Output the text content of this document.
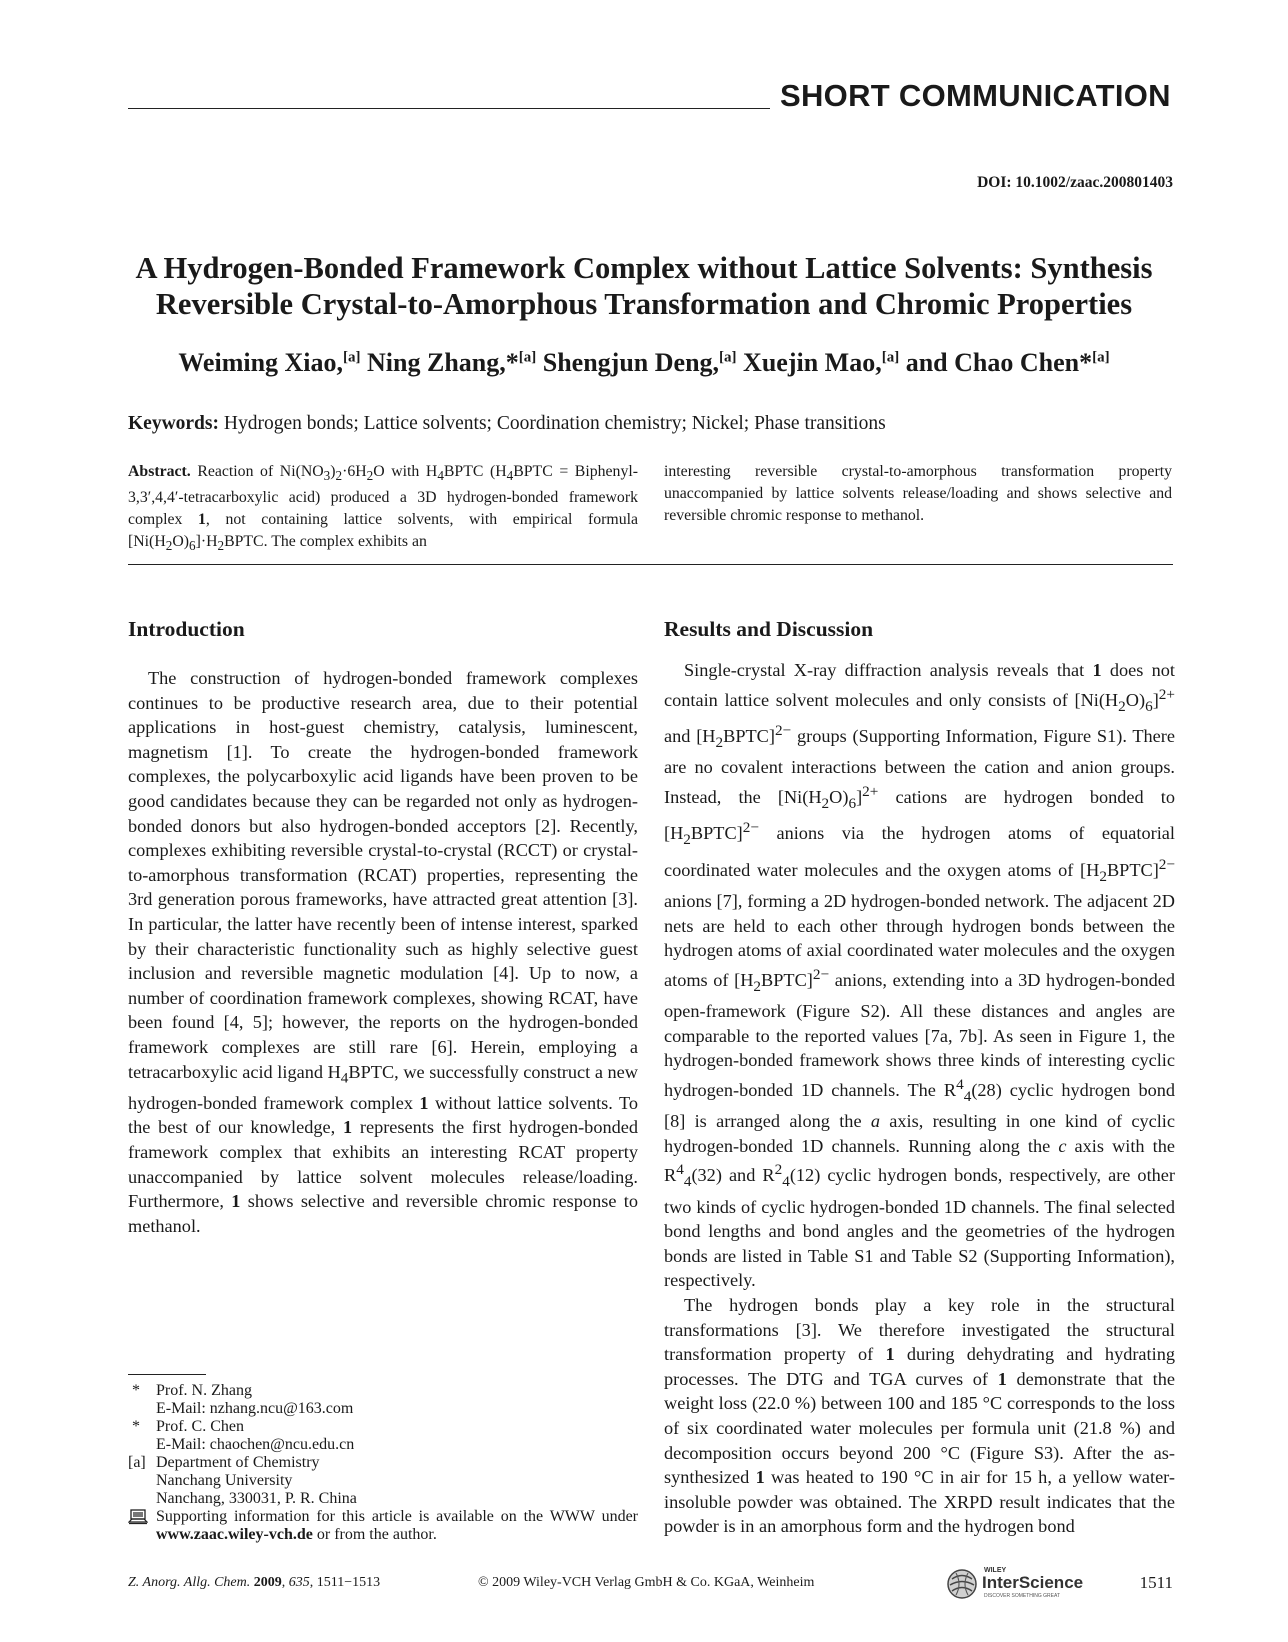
SHORT COMMUNICATION
DOI: 10.1002/zaac.200801403
A Hydrogen-Bonded Framework Complex without Lattice Solvents: Synthesis
Reversible Crystal-to-Amorphous Transformation and Chromic Properties
Weiming Xiao,[a] Ning Zhang,*[a] Shengjun Deng,[a] Xuejin Mao,[a] and Chao Chen*[a]
Keywords: Hydrogen bonds; Lattice solvents; Coordination chemistry; Nickel; Phase transitions
Abstract. Reaction of $Ni(NO_3)_2\cdot 6H_2O$ with $H_4BPTC$ ($H_4BPTC$ = Biphenyl-3,3′,4,4′-tetracarboxylic acid) produced a 3D hydrogen-bonded framework complex 1, not containing lattice solvents, with empirical formula $[Ni(H_2O)_6]\cdot H_2BPTC$. The complex exhibits an
interesting reversible crystal-to-amorphous transformation property unaccompanied by lattice solvents release/loading and shows selective and reversible chromic response to methanol.
Introduction

The construction of hydrogen-bonded framework complexes continues to be productive research area, due to their potential applications in host-guest chemistry, catalysis, luminescent, magnetism [1]. To create the hydrogen-bonded framework complexes, the polycarboxylic acid ligands have been proven to be good candidates because they can be regarded not only as hydrogen-bonded donors but also hydrogen-bonded acceptors [2]. Recently, complexes exhibiting reversible crystal-to-crystal (RCCT) or crystal-to-amorphous transformation (RCAT) properties, representing the 3rd generation porous frameworks, have attracted great attention [3]. In particular, the latter have recently been of intense interest, sparked by their characteristic functionality such as highly selective guest inclusion and reversible magnetic modulation [4]. Up to now, a number of coordination framework complexes, showing RCAT, have been found [4, 5]; however, the reports on the hydrogen-bonded framework complexes are still rare [6]. Herein, employing a tetracarboxylic acid ligand $H_4BPTC$, we successfully construct a new hydrogen-bonded framework complex 1 without lattice solvents. To the best of our knowledge, 1 represents the first hydrogen-bonded framework complex that exhibits an interesting RCAT property unaccompanied by lattice solvent molecules release/loading. Furthermore, 1 shows selective and reversible chromic response to methanol.

Results and Discussion

Single-crystal X-ray diffraction analysis reveals that 1 does not contain lattice solvent molecules and only consists of $[Ni(H_2O)_6]^{2+}$ and $[H_2BPTC]^{2-}$ groups (Supporting Information, Figure S1). There are no covalent interactions between the cation and anion groups. Instead, the $[Ni(H_2O)_6]^{2+}$ cations are hydrogen bonded to $[H_2BPTC]^{2-}$ anions via the hydrogen atoms of equatorial coordinated water molecules and the oxygen atoms of $[H_2BPTC]^{2-}$ anions [7], forming a 2D hydrogen-bonded network. The adjacent 2D nets are held to each other through hydrogen bonds between the hydrogen atoms of axial coordinated water molecules and the oxygen atoms of $[H_2BPTC]^{2-}$ anions, extending into a 3D hydrogen-bonded open-framework (Figure S2). All these distances and angles are comparable to the reported values [7a, 7b]. As seen in Figure 1, the hydrogen-bonded framework shows three kinds of interesting cyclic hydrogen-bonded 1D channels. The $R^4_4(28)$ cyclic hydrogen bond [8] is arranged along the a axis, resulting in one kind of cyclic hydrogen-bonded 1D channels. Running along the c axis with the $R^4_4(32)$ and $R^2_4(12)$ cyclic hydrogen bonds, respectively, are other two kinds of cyclic hydrogen-bonded 1D channels. The final selected bond lengths and bond angles and the geometries of the hydrogen bonds are listed in Table S1 and Table S2 (Supporting Information), respectively.

The hydrogen bonds play a key role in the structural transformations [3]. We therefore investigated the structural transformation property of 1 during dehydrating and hydrating processes. The DTG and TGA curves of 1 demonstrate that the weight loss (22.0 %) between 100 and 185 °C corresponds to the loss of six coordinated water molecules per formula unit (21.8 %) and decomposition occurs beyond 200 °C (Figure S3). After the as-synthesized 1 was heated to 190 °C in air for 15 h, a yellow water-insoluble powder was obtained. The XRPD result indicates that the powder is in an amorphous form and the hydrogen bond

* Prof. N. Zhang
E-Mail: nzhang.ncu@163.com
* Prof. C. Chen
E-Mail: chaochen@ncu.edu.cn
[a] Department of Chemistry
Nanchang University
Nanchang, 330031, P. R. China
Supporting information for this article is available on the WWW under www.zaac.wiley-vch.de or from the author.
Z. Anorg. Allg. Chem. 2009, 635, 1511−1513	© 2009 Wiley-VCH Verlag GmbH & Co. KGaA, Weinheim
WILEY
InterScience
DISCOVER SOMETHING GREAT
1511
